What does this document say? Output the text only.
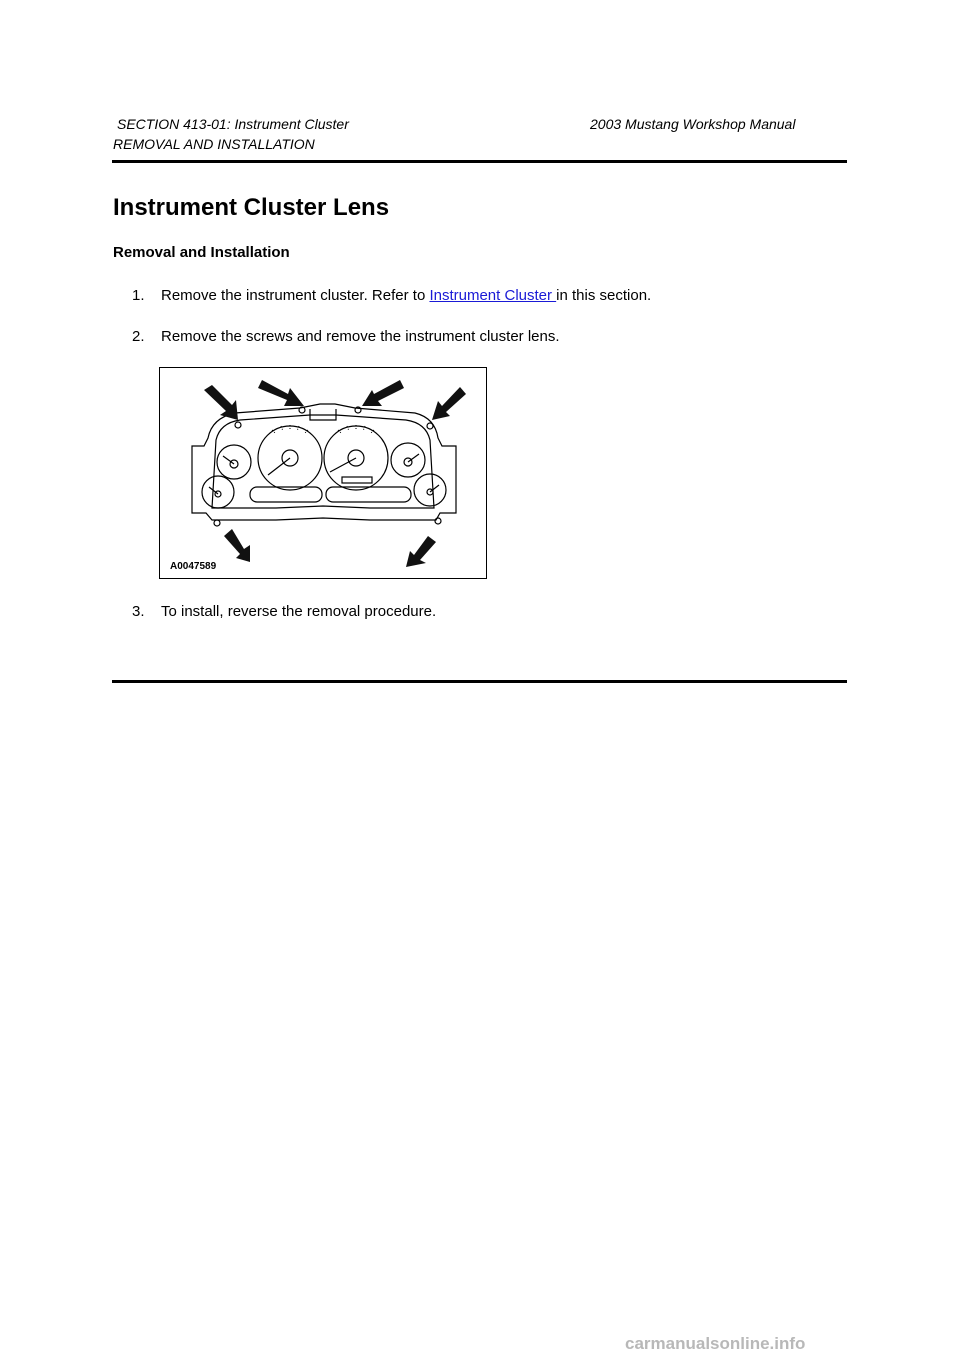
SECTION 413-01: Instrument Cluster	2003 Mustang Workshop Manual
REMOVAL AND INSTALLATION
Instrument Cluster Lens
Removal and Installation
1. Remove the instrument cluster. Refer to Instrument Cluster in this section.
2. Remove the screws and remove the instrument cluster lens.
A0047589
3. To install, reverse the removal procedure.
carmanualsonline.info
